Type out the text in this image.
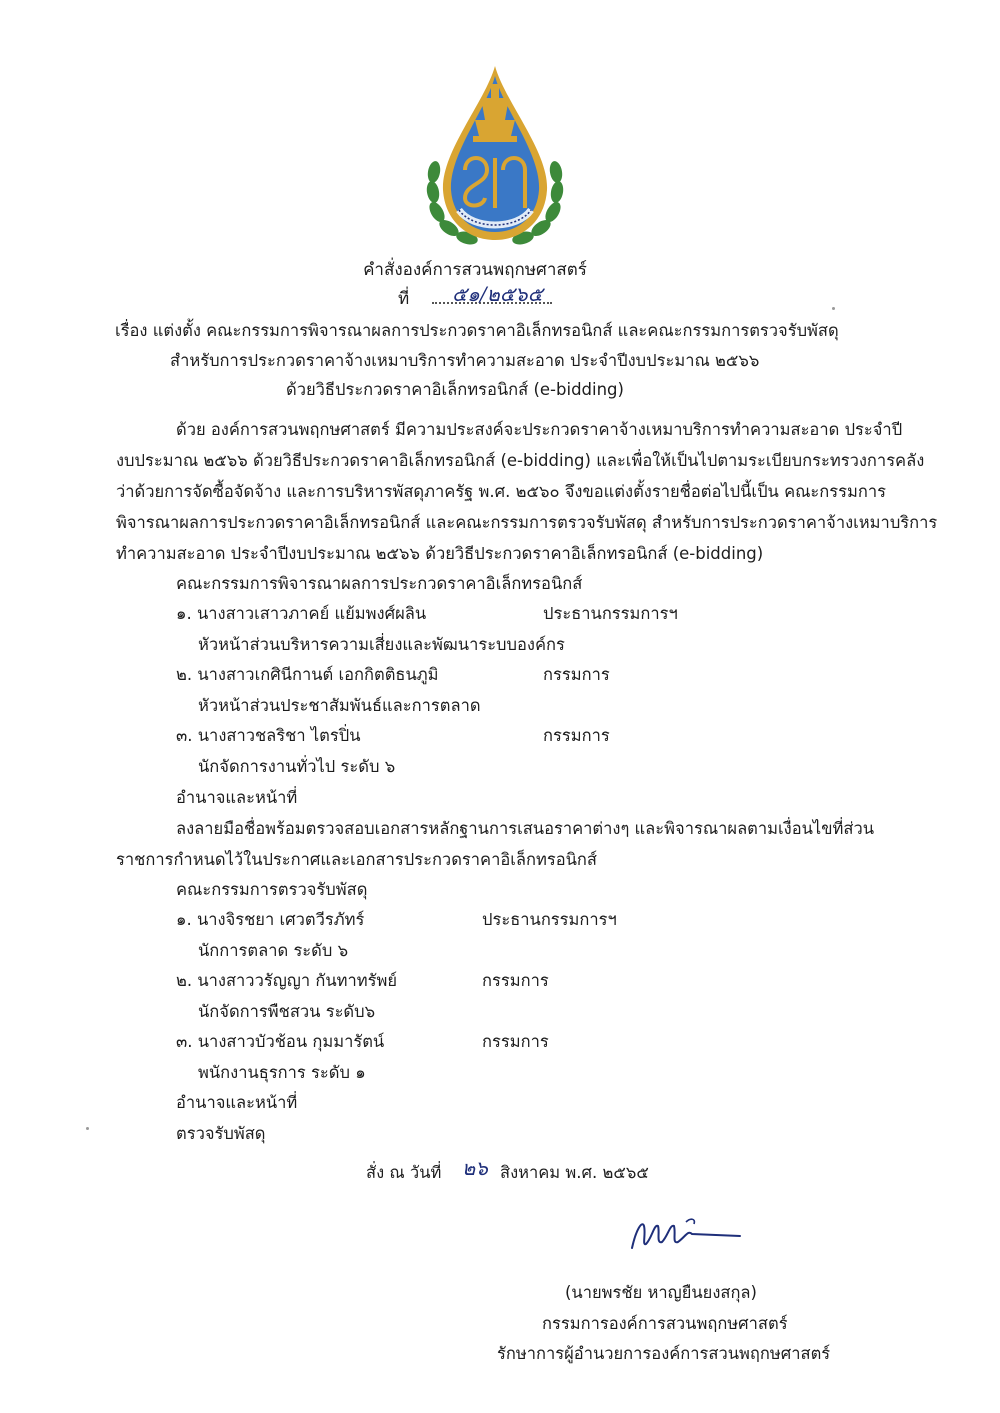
คำสั่งองค์การสวนพฤกษศาสตร์
ที่ ๕๑/๒๕๖๕
เรื่อง แต่งตั้ง คณะกรรมการพิจารณาผลการประกวดราคาอิเล็กทรอนิกส์ และคณะกรรมการตรวจรับพัสดุ
สำหรับการประกวดราคาจ้างเหมาบริการทำความสะอาด ประจำปีงบประมาณ ๒๕๖๖
ด้วยวิธีประกวดราคาอิเล็กทรอนิกส์ (e-bidding)
ด้วย องค์การสวนพฤกษศาสตร์ มีความประสงค์จะประกวดราคาจ้างเหมาบริการทำความสะอาด ประจำปี
งบประมาณ ๒๕๖๖ ด้วยวิธีประกวดราคาอิเล็กทรอนิกส์ (e-bidding) และเพื่อให้เป็นไปตามระเบียบกระทรวงการคลัง
ว่าด้วยการจัดซื้อจัดจ้าง และการบริหารพัสดุภาครัฐ พ.ศ. ๒๕๖๐ จึงขอแต่งตั้งรายชื่อต่อไปนี้เป็น คณะกรรมการ
พิจารณาผลการประกวดราคาอิเล็กทรอนิกส์ และคณะกรรมการตรวจรับพัสดุ สำหรับการประกวดราคาจ้างเหมาบริการ
ทำความสะอาด ประจำปีงบประมาณ ๒๕๖๖ ด้วยวิธีประกวดราคาอิเล็กทรอนิกส์ (e-bidding)
คณะกรรมการพิจารณาผลการประกวดราคาอิเล็กทรอนิกส์
๑. นางสาวเสาวภาคย์ แย้มพงศ์ผลิน	ประธานกรรมการฯ
หัวหน้าส่วนบริหารความเสี่ยงและพัฒนาระบบองค์กร
๒. นางสาวเกศินีกานต์ เอกกิตติธนภูมิ	กรรมการ
หัวหน้าส่วนประชาสัมพันธ์และการตลาด
๓. นางสาวชลริชา ไตรปิ่น	กรรมการ
นักจัดการงานทั่วไป ระดับ ๖
อำนาจและหน้าที่
ลงลายมือชื่อพร้อมตรวจสอบเอกสารหลักฐานการเสนอราคาต่างๆ และพิจารณาผลตามเงื่อนไขที่ส่วน
ราชการกำหนดไว้ในประกาศและเอกสารประกวดราคาอิเล็กทรอนิกส์
คณะกรรมการตรวจรับพัสดุ
๑. นางจิรชยา เศวตวีรภัทร์	ประธานกรรมการฯ
นักการตลาด ระดับ ๖
๒. นางสาววรัญญา กันทาทรัพย์	กรรมการ
นักจัดการพืชสวน ระดับ๖
๓. นางสาวบัวช้อน กุมมารัตน์	กรรมการ
พนักงานธุรการ ระดับ ๑
อำนาจและหน้าที่
ตรวจรับพัสดุ
สั่ง ณ วันที่ ๒๖ สิงหาคม พ.ศ. ๒๕๖๕
(นายพรชัย หาญยืนยงสกุล)
กรรมการองค์การสวนพฤกษศาสตร์
รักษาการผู้อำนวยการองค์การสวนพฤกษศาสตร์
